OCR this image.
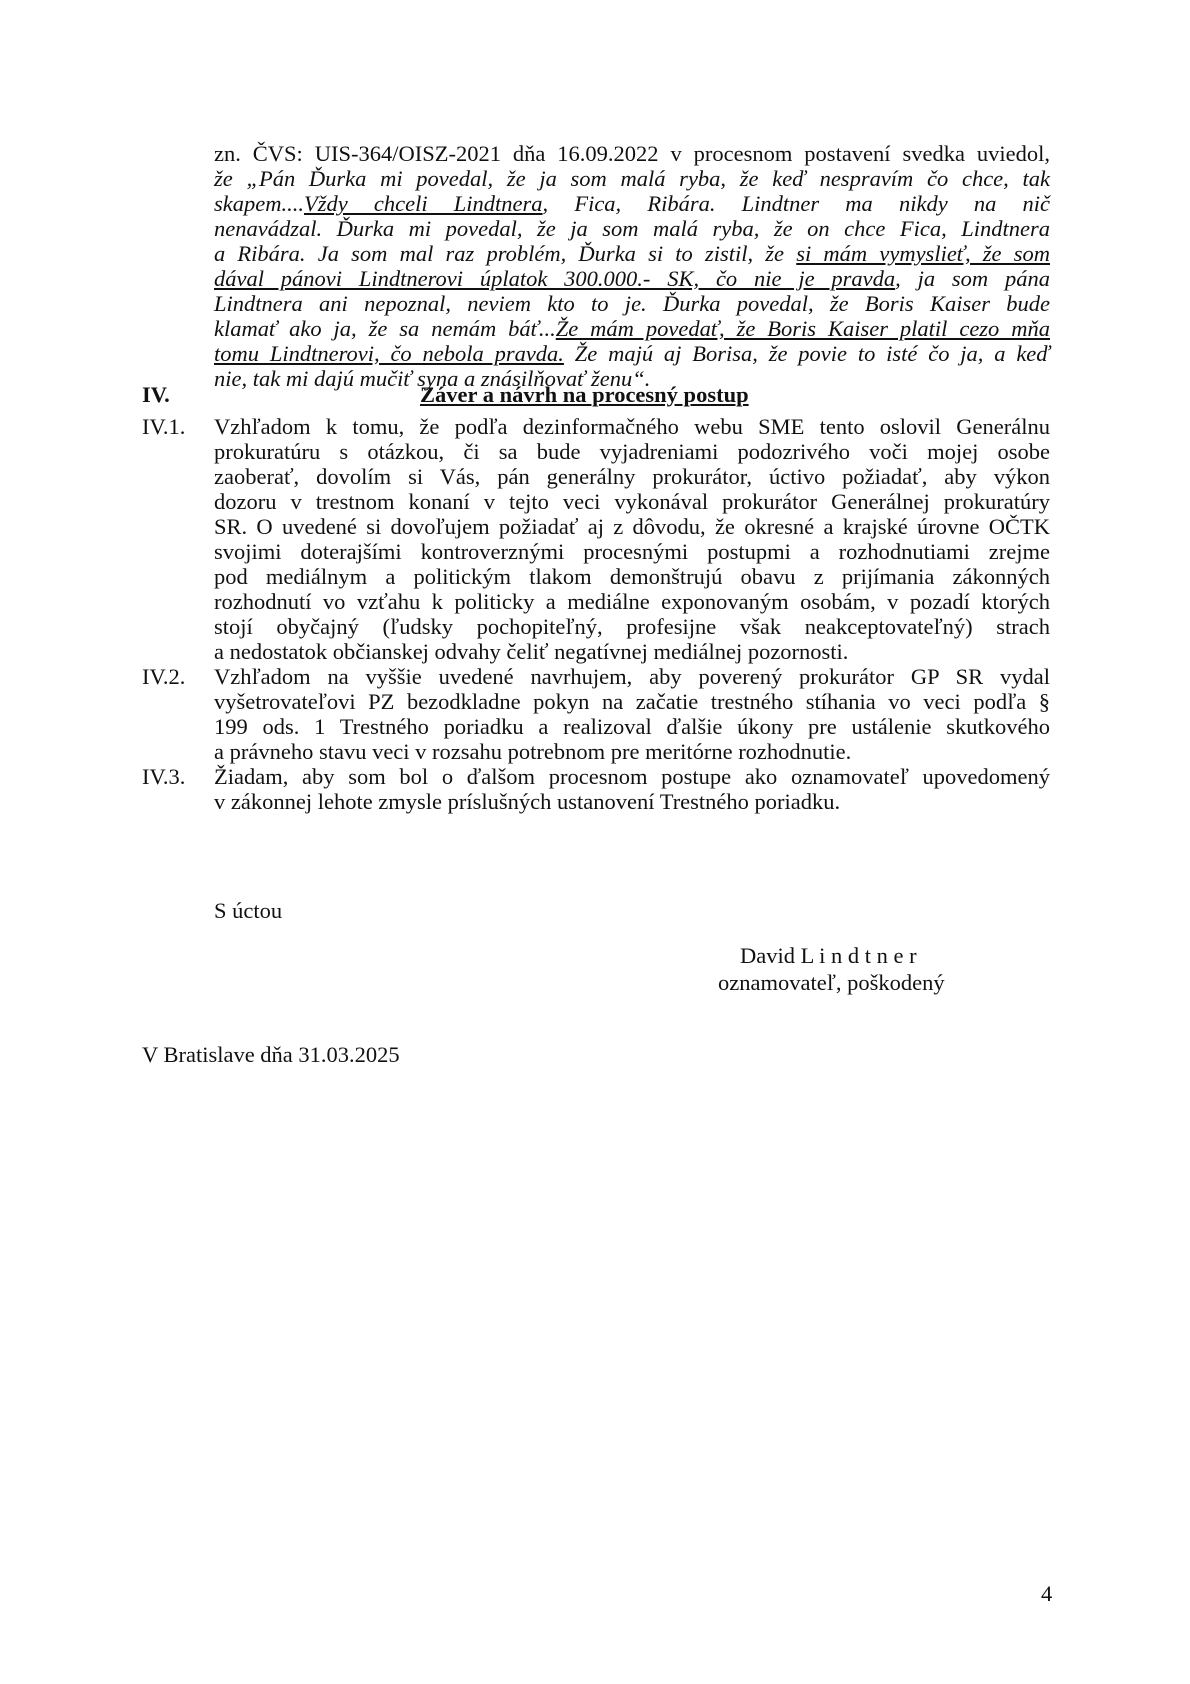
zn. ČVS: UIS-364/OISZ-2021 dňa 16.09.2022 v procesnom postavení svedka uviedol,
že „Pán Ďurka mi povedal, že ja som malá ryba, že keď nespravím čo chce, tak
skapem....Vždy chceli Lindtnera, Fica, Ribára. Lindtner ma nikdy na nič
nenavádzal. Ďurka mi povedal, že ja som malá ryba, že on chce Fica, Lindtnera
a Ribára. Ja som mal raz problém, Ďurka si to zistil, že si mám vymyslieť, že som
dával pánovi Lindtnerovi úplatok 300.000.- SK, čo nie je pravda, ja som pána
Lindtnera ani nepoznal, neviem kto to je. Ďurka povedal, že Boris Kaiser bude
klamať ako ja, že sa nemám báť...Že mám povedať, že Boris Kaiser platil cezo mňa
tomu Lindtnerovi, čo nebola pravda. Že majú aj Borisa, že povie to isté čo ja, a keď
nie, tak mi dajú mučiť syna a znásilňovať ženu“.
IV.	Záver a návrh na procesný postup
IV.1. Vzhľadom k tomu, že podľa dezinformačného webu SME tento oslovil Generálnu
prokuratúru s otázkou, či sa bude vyjadreniami podozrivého voči mojej osobe
zaoberať, dovolím si Vás, pán generálny prokurátor, úctivo požiadať, aby výkon
dozoru v trestnom konaní v tejto veci vykonával prokurátor Generálnej prokuratúry
SR. O uvedené si dovoľujem požiadať aj z dôvodu, že okresné a krajské úrovne OČTK
svojimi doterajšími kontroverznými procesnými postupmi a rozhodnutiami zrejme
pod mediálnym a politickým tlakom demonštrujú obavu z prijímania zákonných
rozhodnutí vo vzťahu k politicky a mediálne exponovaným osobám, v pozadí ktorých
stojí obyčajný (ľudsky pochopiteľný, profesijne však neakceptovateľný) strach
a nedostatok občianskej odvahy čeliť negatívnej mediálnej pozornosti.
IV.2. Vzhľadom na vyššie uvedené navrhujem, aby poverený prokurátor GP SR vydal
vyšetrovateľovi PZ bezodkladne pokyn na začatie trestného stíhania vo veci podľa §
199 ods. 1 Trestného poriadku a realizoval ďalšie úkony pre ustálenie skutkového
a právneho stavu veci v rozsahu potrebnom pre meritórne rozhodnutie.
IV.3. Žiadam, aby som bol o ďalšom procesnom postupe ako oznamovateľ upovedomený
v zákonnej lehote zmysle príslušných ustanovení Trestného poriadku.
S úctou
David L i n d t n e r
oznamovateľ, poškodený
V Bratislave dňa 31.03.2025
4
